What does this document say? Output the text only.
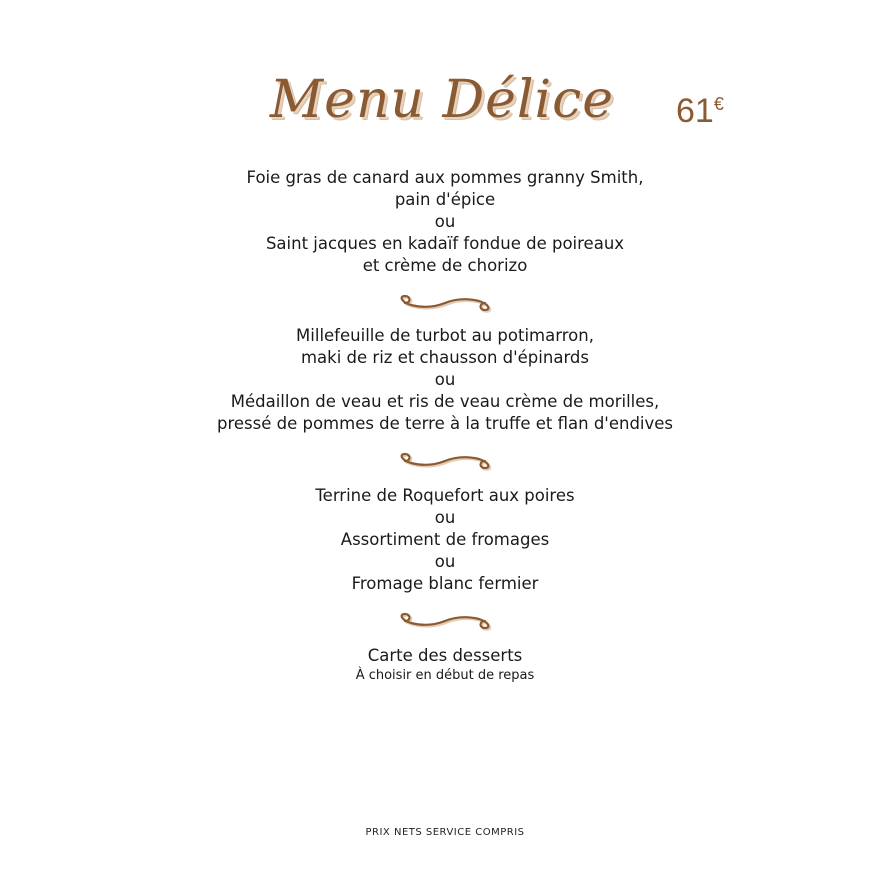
Menu Délice	61€
Foie gras de canard aux pommes granny Smith,
pain d'épice
ou
Saint jacques en kadaïf fondue de poireaux
et crème de chorizo
Millefeuille de turbot au potimarron,
maki de riz et chausson d'épinards
ou
Médaillon de veau et ris de veau crème de morilles,
pressé de pommes de terre à la truffe et flan d'endives
Terrine de Roquefort aux poires
ou
Assortiment de fromages
ou
Fromage blanc fermier
Carte des desserts
À choisir en début de repas
PRIX NETS SERVICE COMPRIS
